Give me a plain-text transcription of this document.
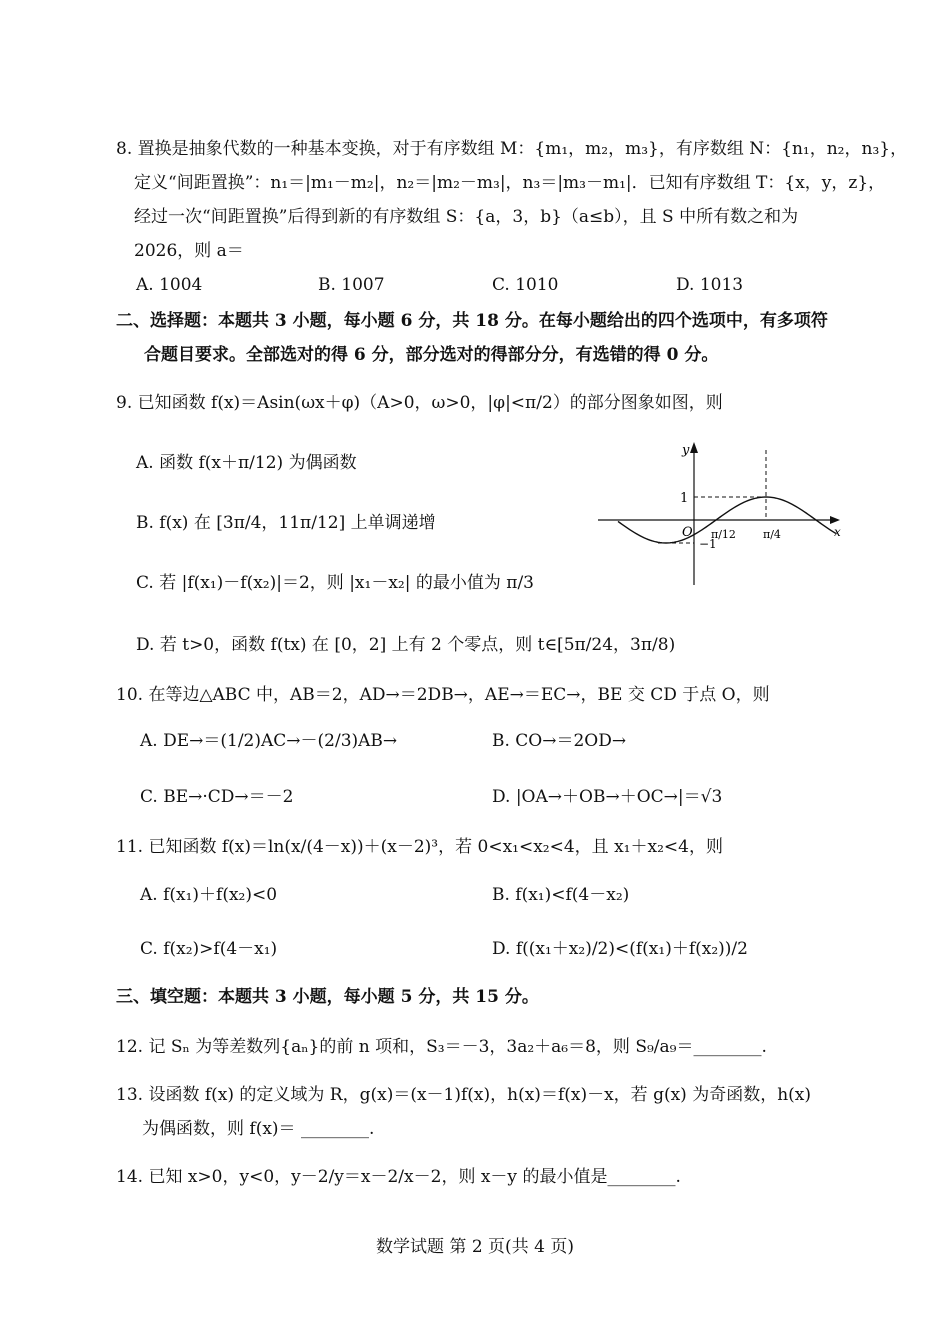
8. 置换是抽象代数的一种基本变换，对于有序数组 M：{m₁，m₂，m₃}，有序数组 N：{n₁，n₂，n₃}，
定义“间距置换”：n₁＝|m₁－m₂|，n₂＝|m₂－m₃|，n₃＝|m₃－m₁|．已知有序数组 T：{x，y，z}，
经过一次“间距置换”后得到新的有序数组 S：{a，3，b}（a≤b），且 S 中所有数之和为
2026，则 a＝
A. 1004	B. 1007	C. 1010	D. 1013
二、选择题：本题共 3 小题，每小题 6 分，共 18 分。在每小题给出的四个选项中，有多项符
合题目要求。全部选对的得 6 分，部分选对的得部分分，有选错的得 0 分。
9. 已知函数 f(x)＝Asin(ωx＋φ)（A>0，ω>0，|φ|<π/2）的部分图象如图，则
A. 函数 f(x＋π/12) 为偶函数
B. f(x) 在 [3π/4，11π/12] 上单调递增
C. 若 |f(x₁)－f(x₂)|＝2，则 |x₁－x₂| 的最小值为 π/3
D. 若 t>0，函数 f(tx) 在 [0，2] 上有 2 个零点，则 t∈[5π/24，3π/8)
y
x
O
1
−1
π/12 π/4
10. 在等边△ABC 中，AB＝2，AD→＝2DB→，AE→＝EC→，BE 交 CD 于点 O，则
A. DE→＝(1/2)AC→－(2/3)AB→	B. CO→＝2OD→
C. BE→·CD→＝－2	D. |OA→＋OB→＋OC→|＝√3
11. 已知函数 f(x)＝ln(x/(4－x))＋(x－2)³，若 0<x₁<x₂<4，且 x₁＋x₂<4，则
A. f(x₁)＋f(x₂)<0	B. f(x₁)<f(4－x₂)
C. f(x₂)>f(4－x₁)	D. f((x₁＋x₂)/2)<(f(x₁)＋f(x₂))/2
三、填空题：本题共 3 小题，每小题 5 分，共 15 分。
12. 记 Sₙ 为等差数列{aₙ}的前 n 项和，S₃＝－3，3a₂＋a₆＝8，则 S₉/a₉＝________.
13. 设函数 f(x) 的定义域为 R，g(x)＝(x－1)f(x)，h(x)＝f(x)－x，若 g(x) 为奇函数，h(x)
为偶函数，则 f(x)＝ ________.
14. 已知 x>0，y<0，y－2/y＝x－2/x－2，则 x－y 的最小值是________.
数学试题 第 2 页(共 4 页)
